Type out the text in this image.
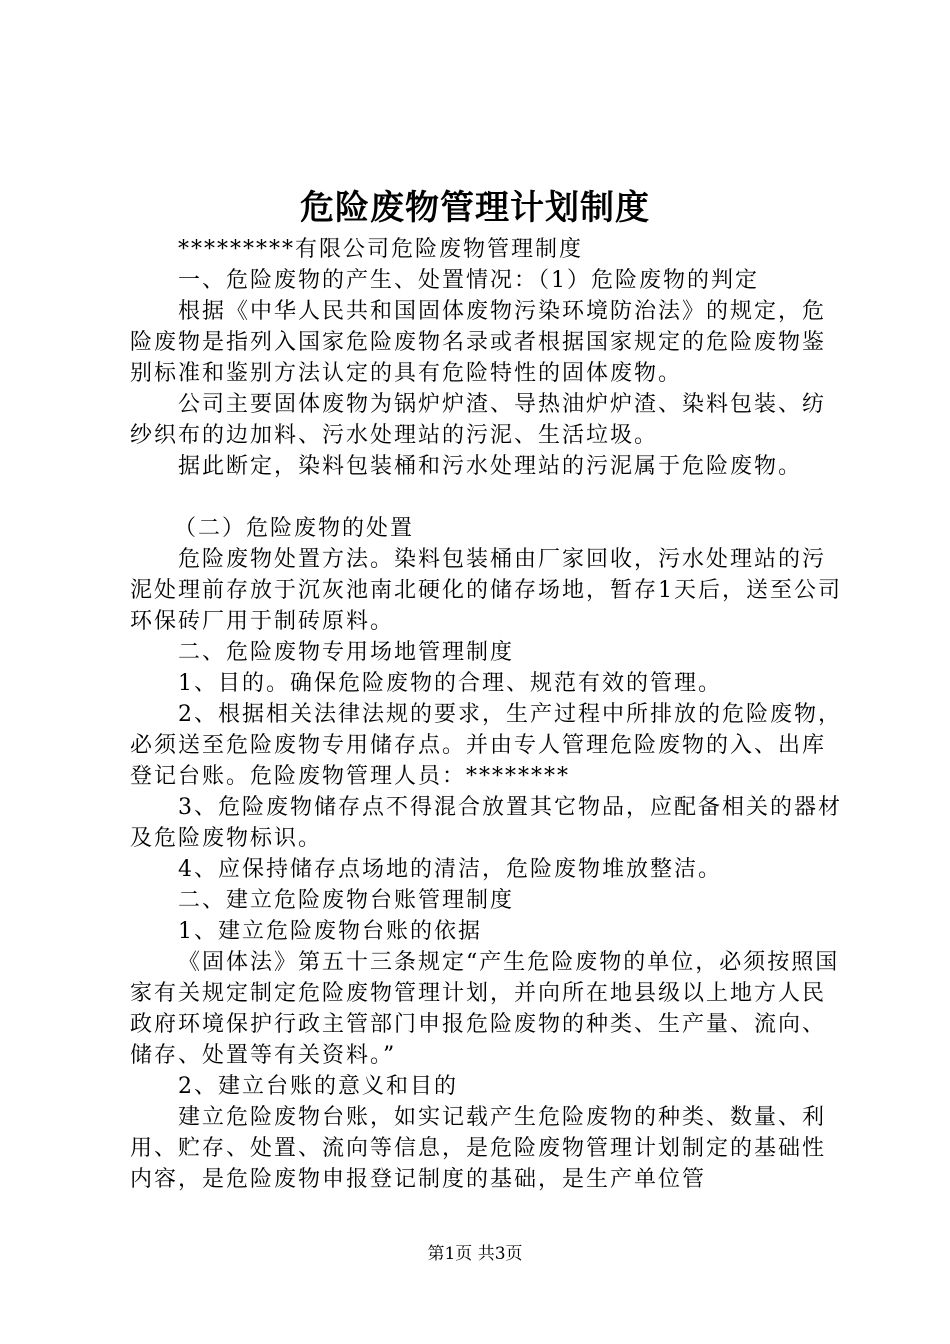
危险废物管理计划制度

*********有限公司危险废物管理制度

一、危险废物的产生、处置情况：（1）危险废物的判定

根据《中华人民共和国固体废物污染环境防治法》的规定，危险废物是指列入国家危险废物名录或者根据国家规定的危险废物鉴别标准和鉴别方法认定的具有危险特性的固体废物。

公司主要固体废物为锅炉炉渣、导热油炉炉渣、染料包装、纺纱织布的边加料、污水处理站的污泥、生活垃圾。

据此断定，染料包装桶和污水处理站的污泥属于危险废物。

（二）危险废物的处置

危险废物处置方法。染料包装桶由厂家回收，污水处理站的污泥处理前存放于沉灰池南北硬化的储存场地，暂存1天后，送至公司环保砖厂用于制砖原料。

二、危险废物专用场地管理制度

1、目的。确保危险废物的合理、规范有效的管理。

2、根据相关法律法规的要求，生产过程中所排放的危险废物，必须送至危险废物专用储存点。并由专人管理危险废物的入、出库登记台账。危险废物管理人员：********

3、危险废物储存点不得混合放置其它物品，应配备相关的器材及危险废物标识。

4、应保持储存点场地的清洁，危险废物堆放整洁。

二、建立危险废物台账管理制度

1、建立危险废物台账的依据

《固体法》第五十三条规定“产生危险废物的单位，必须按照国家有关规定制定危险废物管理计划，并向所在地县级以上地方人民政府环境保护行政主管部门申报危险废物的种类、生产量、流向、储存、处置等有关资料。”

2、建立台账的意义和目的

建立危险废物台账，如实记载产生危险废物的种类、数量、利用、贮存、处置、流向等信息，是危险废物管理计划制定的基础性内容，是危险废物申报登记制度的基础，是生产单位管

第1页 共3页
